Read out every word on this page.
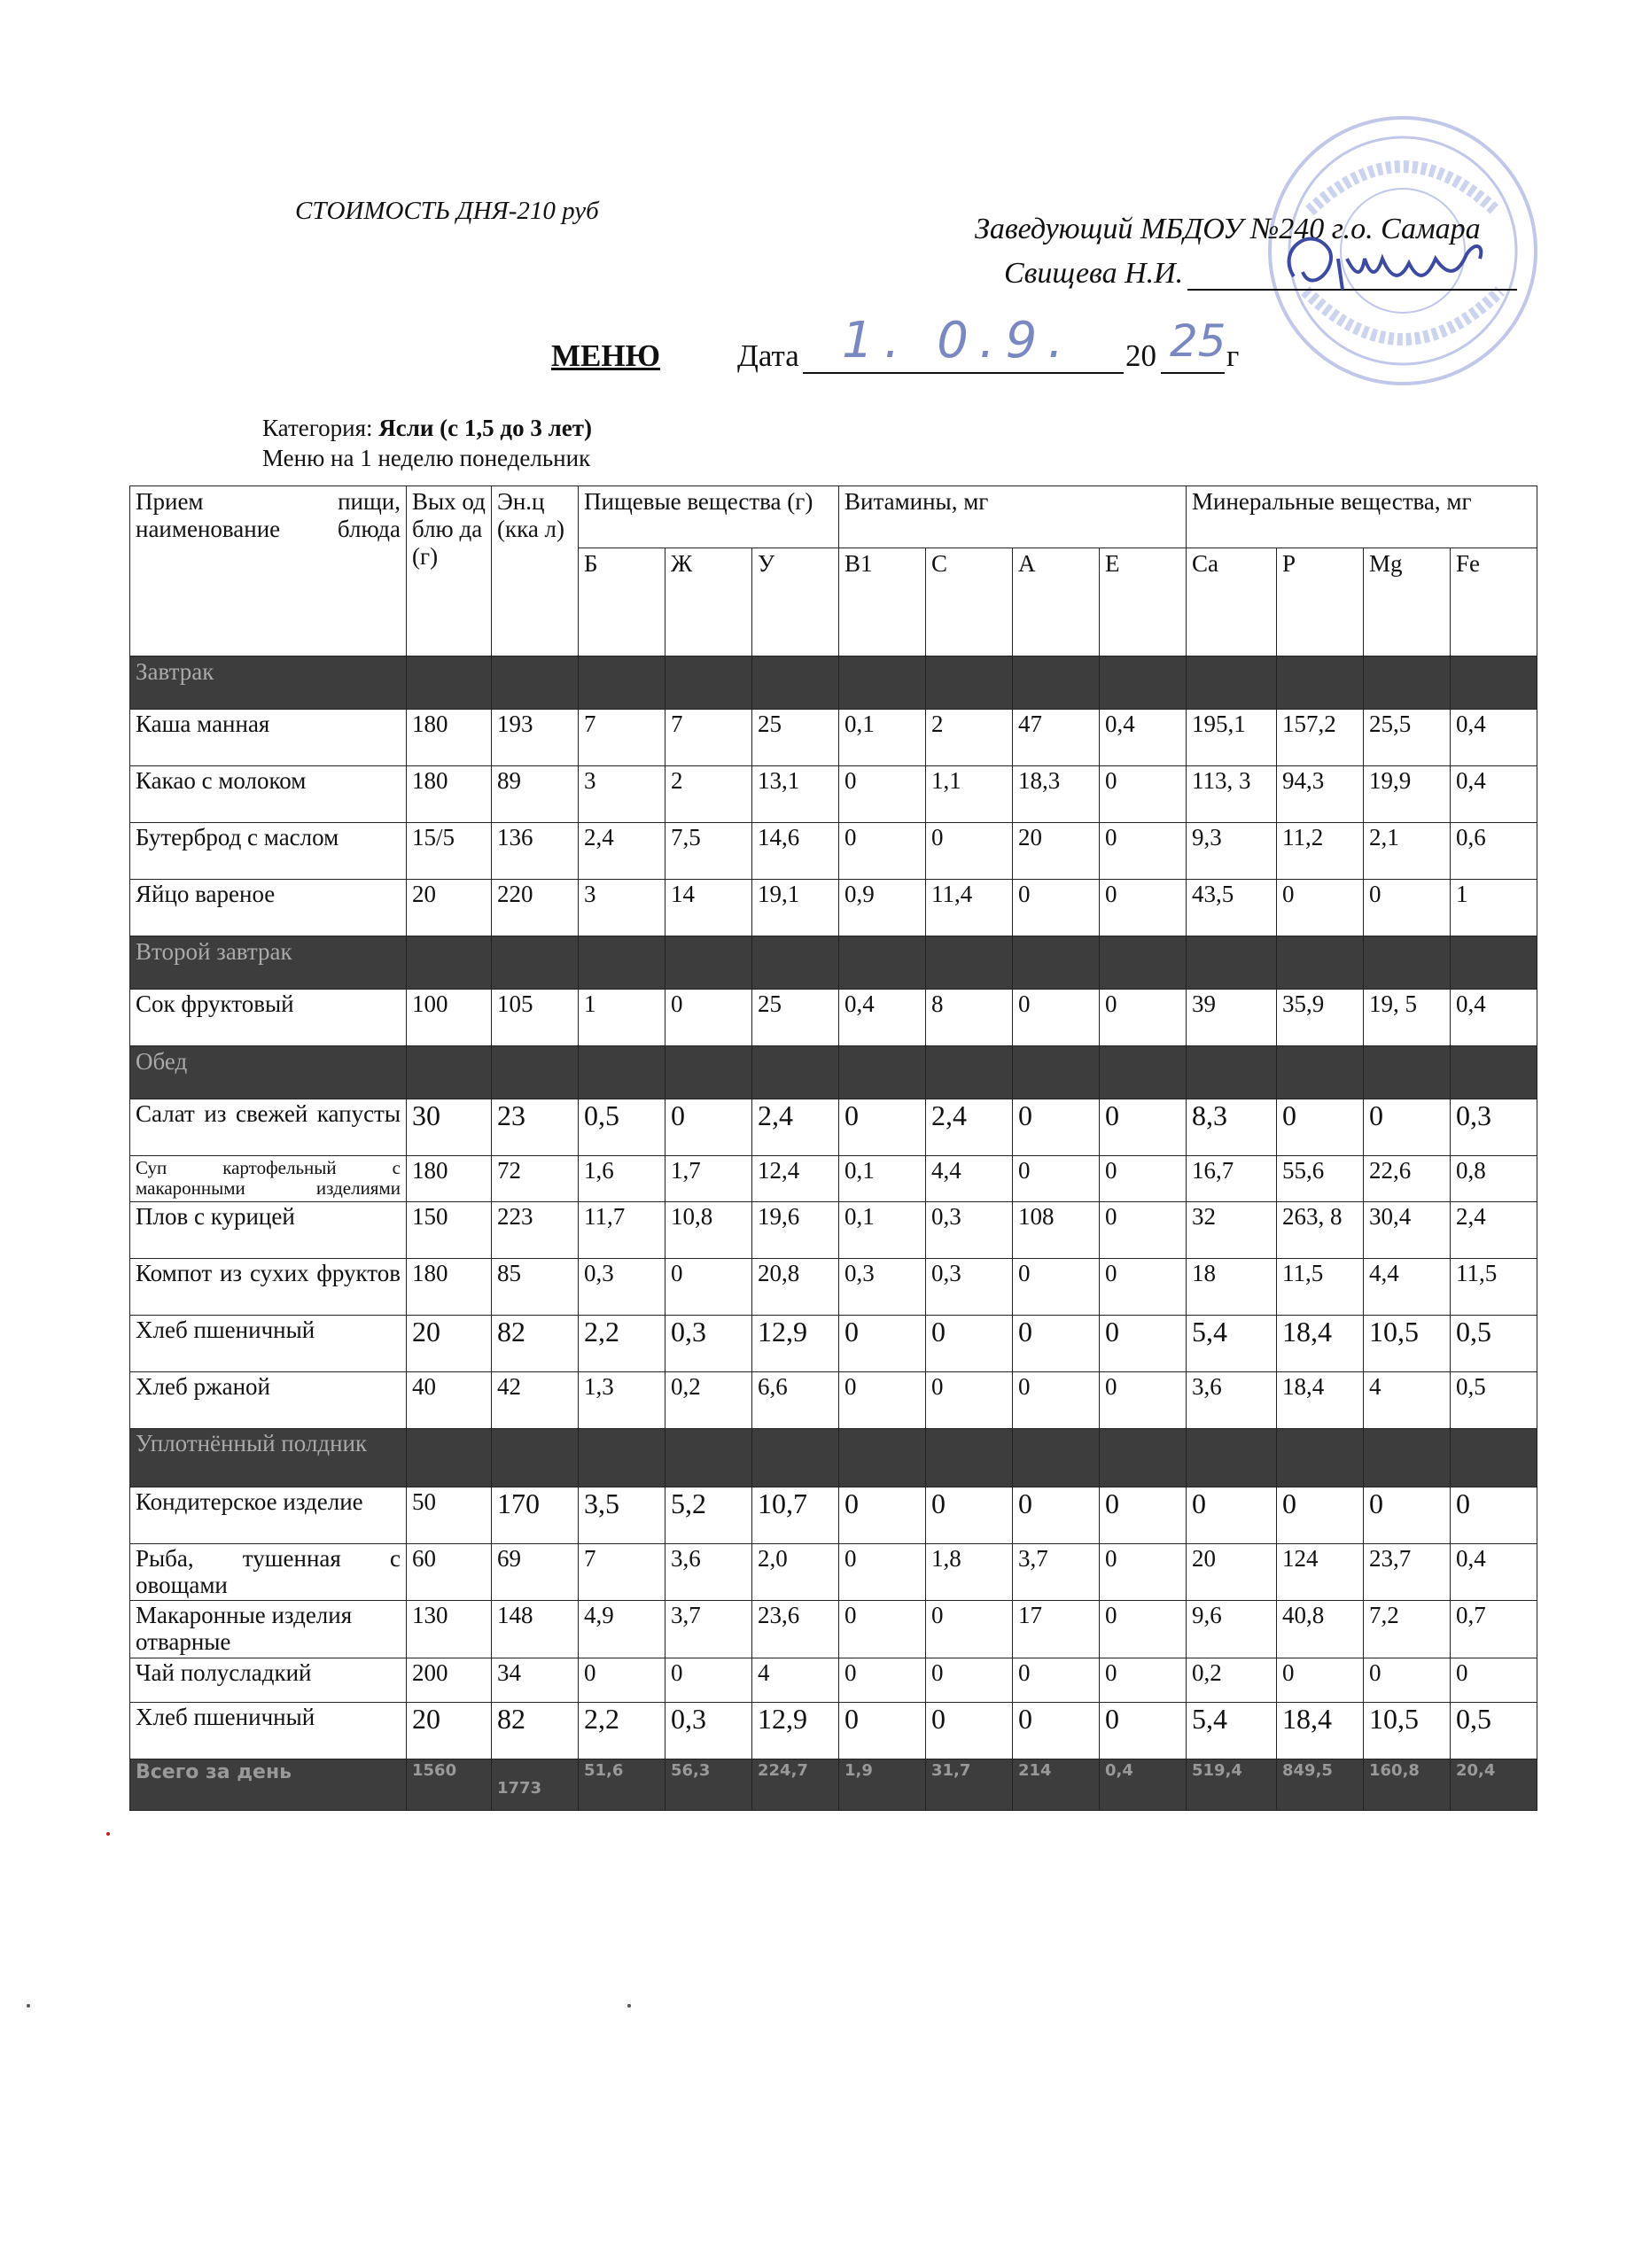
СТОИМОСТЬ ДНЯ-210 руб
Заведующий МБДОУ №240 г.о. Самара
Свищева Н.И.
МЕНЮ Дата 1. 0.9. 20 25 г
Категория: Ясли (с 1,5 до 3 лет)
Меню на 1 неделю понедельник
Прием пищи, наименование блюда	Вых од блю да (г)	Эн.ц (кка л)	Пищевые вещества (г)			Витамины, мг				Минеральные вещества, мг			
			Б	Ж	У	В1	С	А	Е	Са	Р	Mg	Fe
Завтрак													
Каша манная	180	193	7	7	25	0,1	2	47	0,4	195,1	157,2	25,5	0,4
Какао с молоком	180	89	3	2	13,1	0	1,1	18,3	0	113, 3	94,3	19,9	0,4
Бутерброд с маслом	15/5	136	2,4	7,5	14,6	0	0	20	0	9,3	11,2	2,1	0,6
Яйцо вареное	20	220	3	14	19,1	0,9	11,4	0	0	43,5	0	0	1
Второй завтрак													
Сок фруктовый	100	105	1	0	25	0,4	8	0	0	39	35,9	19, 5	0,4
Обед													
Салат из свежей капусты	30	23	0,5	0	2,4	0	2,4	0	0	8,3	0	0	0,3
Суп картофельный с макаронными изделиями	180	72	1,6	1,7	12,4	0,1	4,4	0	0	16,7	55,6	22,6	0,8
Плов с курицей	150	223	11,7	10,8	19,6	0,1	0,3	108	0	32	263, 8	30,4	2,4
Компот из сухих фруктов	180	85	0,3	0	20,8	0,3	0,3	0	0	18	11,5	4,4	11,5
Хлеб пшеничный	20	82	2,2	0,3	12,9	0	0	0	0	5,4	18,4	10,5	0,5
Хлеб ржаной	40	42	1,3	0,2	6,6	0	0	0	0	3,6	18,4	4	0,5
Уплотнённый полдник													
Кондитерское изделие	50	170	3,5	5,2	10,7	0	0	0	0	0	0	0	0
Рыба, тушенная с овощами	60	69	7	3,6	2,0	0	1,8	3,7	0	20	124	23,7	0,4
Макаронные изделия отварные	130	148	4,9	3,7	23,6	0	0	17	0	9,6	40,8	7,2	0,7
Чай полусладкий	200	34	0	0	4	0	0	0	0	0,2	0	0	0
Хлеб пшеничный	20	82	2,2	0,3	12,9	0	0	0	0	5,4	18,4	10,5	0,5
Всего за день	1560	1773	51,6	56,3	224,7	1,9	31,7	214	0,4	519,4	849,5	160,8	20,4
